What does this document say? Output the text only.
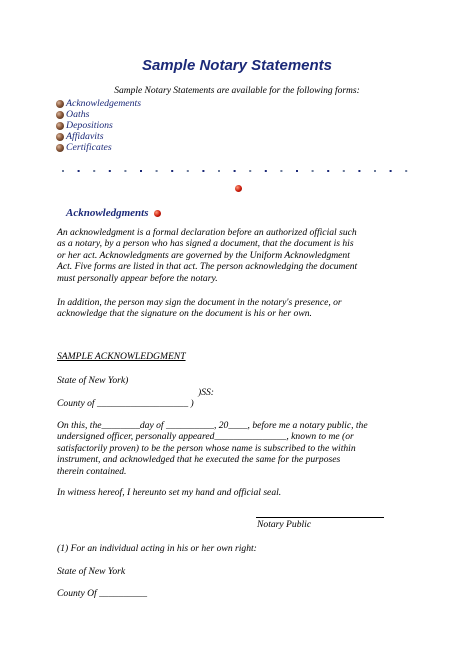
Sample Notary Statements
Sample Notary Statements are available for the following forms:
Acknowledgements
Oaths
Depositions
Affidavits
Certificates
Acknowledgments

An acknowledgment is a formal declaration before an authorized official such

as a notary, by a person who has signed a document, that the document is his

or her act. Acknowledgments are governed by the Uniform Acknowledgment

Act. Five forms are listed in that act. The person acknowledging the document

must personally appear before the notary.

In addition, the person may sign the document in the notary's presence, or

acknowledge that the signature on the document is his or her own.

SAMPLE ACKNOWLEDGMENT
State of New York)
)SS:
County of ___________________ )

On this, the________day of __________, 20____, before me a notary public, the

undersigned officer, personally appeared_______________, known to me (or

satisfactorily proven) to be the person whose name is subscribed to the within

instrument, and acknowledged that he executed the same for the purposes

therein contained.

In witness hereof, I hereunto set my hand and official seal.
Notary Public
(1) For an individual acting in his or her own right:
State of New York
County Of __________
